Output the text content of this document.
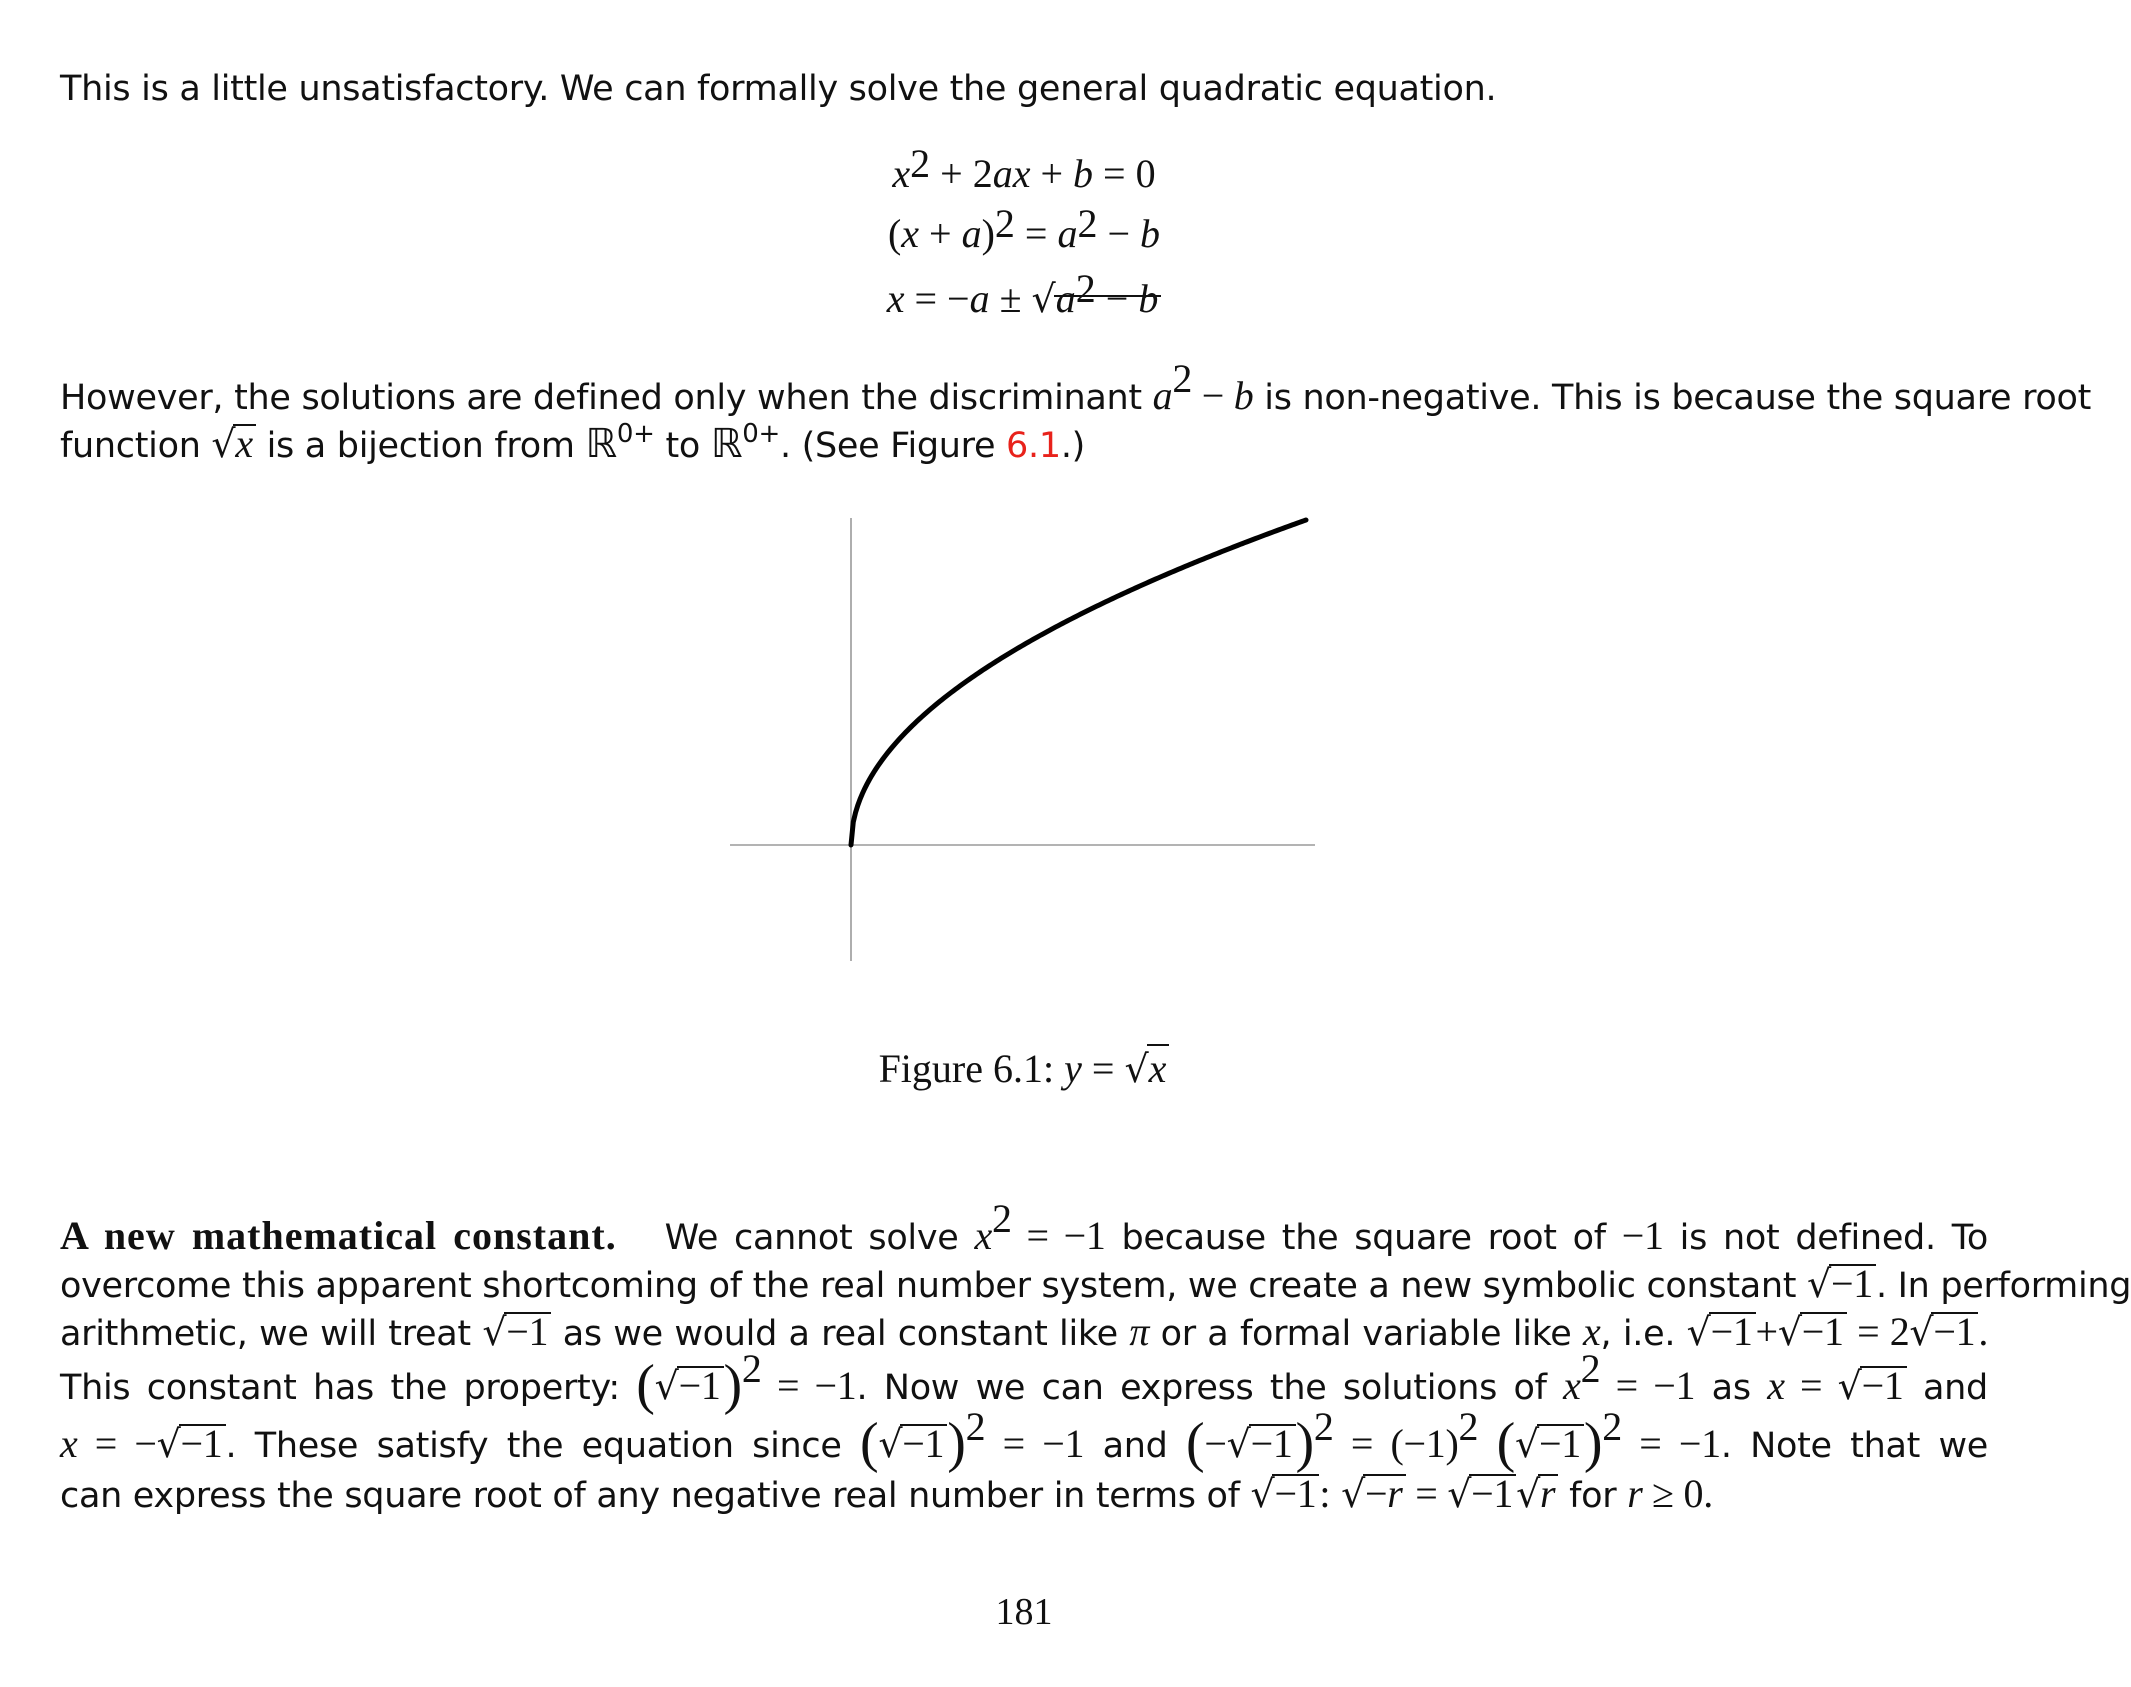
This is a little unsatisfactory. We can formally solve the general quadratic equation.
$x^2 + 2ax + b = 0$
$(x + a)^2 = a^2 - b$
$x = -a \pm √a^2 - b$
However, the solutions are defined only when the discriminant $a^2 - b$ is non-negative. This is because the square root
function √x is a bijection from ℝ$^{0+}$ to ℝ$^{0+}$. (See Figure 6.1.)
Figure 6.1: y = √x
A new mathematical constant. We cannot solve $x^2 = -1$ because the square root of −1 is not defined. To
overcome this apparent shortcoming of the real number system, we create a new symbolic constant √−1. In performing
arithmetic, we will treat √−1 as we would a real constant like π or a formal variable like x, i.e. √−1+√−1 = 2√−1.
This constant has the property: $(√-1)^2 = -1$. Now we can express the solutions of $x^2 = -1$ as x = √−1 and
x = −√−1. These satisfy the equation since $(√-1)^2 = -1$ and $(-√-1)^2 = (-1)^2$ $(√-1)^2 = -1$. Note that we
can express the square root of any negative real number in terms of √−1: √−r = √−1√r for r ≥ 0.
181
